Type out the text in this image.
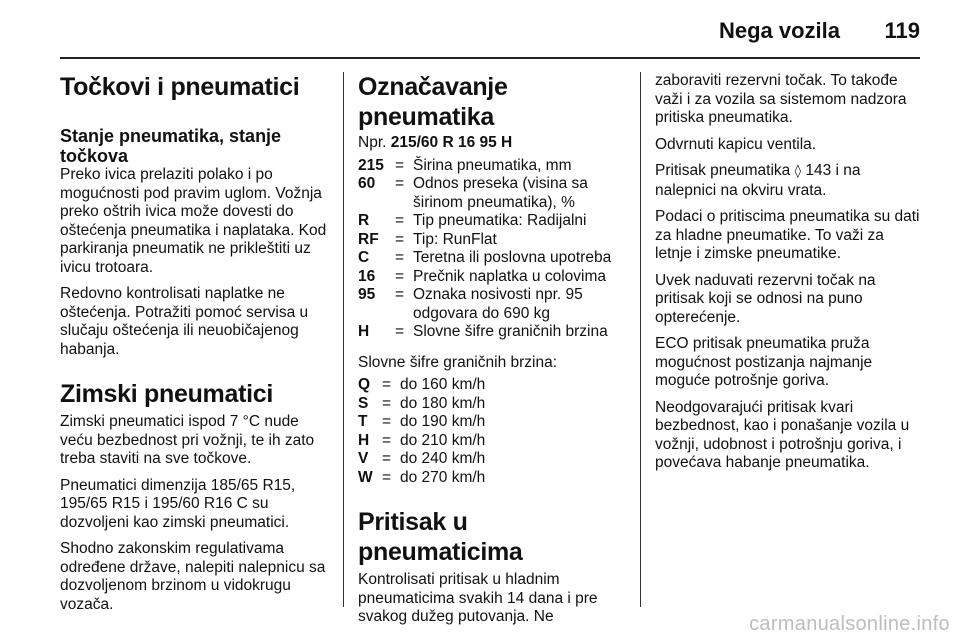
Nega vozila 119
Točkovi i pneumatici
Stanje pneumatika, stanje točkova

Preko ivica prelaziti polako i po mogućnosti pod pravim uglom. Vožnja preko oštrih ivica može dovesti do oštećenja pneumatika i naplataka. Kod parkiranja pneumatik ne prikleštiti uz ivicu trotoara.

Redovno kontrolisati naplatke ne oštećenja. Potražiti pomoć servisa u slučaju oštećenja ili neuobičajenog habanja.

Zimski pneumatici

Zimski pneumatici ispod 7 °C nude veću bezbednost pri vožnji, te ih zato treba staviti na sve točkove.

Pneumatici dimenzija 185/65 R15, 195/65 R15 i 195/60 R16 C su dozvoljeni kao zimski pneumatici.

Shodno zakonskim regulativama određene države, nalepiti nalepnicu sa dozvoljenom brzinom u vidokrugu vozača.

Označavanje pneumatika

Npr. 215/60 R 16 95 H

215 = Širina pneumatika, mm
60	= Odnos preseka (visina sa širinom pneumatika), %
R	= Tip pneumatika: Radijalni
RF	= Tip: RunFlat
C	= Teretna ili poslovna upotreba
16	= Prečnik naplatka u colovima
95	= Oznaka nosivosti npr. 95 odgovara do 690 kg
H	= Slovne šifre graničnih brzina

Slovne šifre graničnih brzina:

Q = do 160 km/h
S = do 180 km/h
T = do 190 km/h
H = do 210 km/h
V = do 240 km/h
W = do 270 km/h
Pritisak u pneumaticima

Kontrolisati pritisak u hladnim pneumaticima svakih 14 dana i pre svakog dužeg putovanja. Ne

zaboraviti rezervni točak. To takođe važi i za vozila sa sistemom nadzora pritiska pneumatika.

Odvrnuti kapicu ventila.

Pritisak pneumatika ◊ 143 i na nalepnici na okviru vrata.

Podaci o pritiscima pneumatika su dati za hladne pneumatike. To važi za letnje i zimske pneumatike.

Uvek naduvati rezervni točak na pritisak koji se odnosi na puno opterećenje.

ECO pritisak pneumatika pruža mogućnost postizanja najmanje moguće potrošnje goriva.

Neodgovarajući pritisak kvari bezbednost, kao i ponašanje vozila u vožnji, udobnost i potrošnju goriva, i povećava habanje pneumatika.

carmanualsonline.info
